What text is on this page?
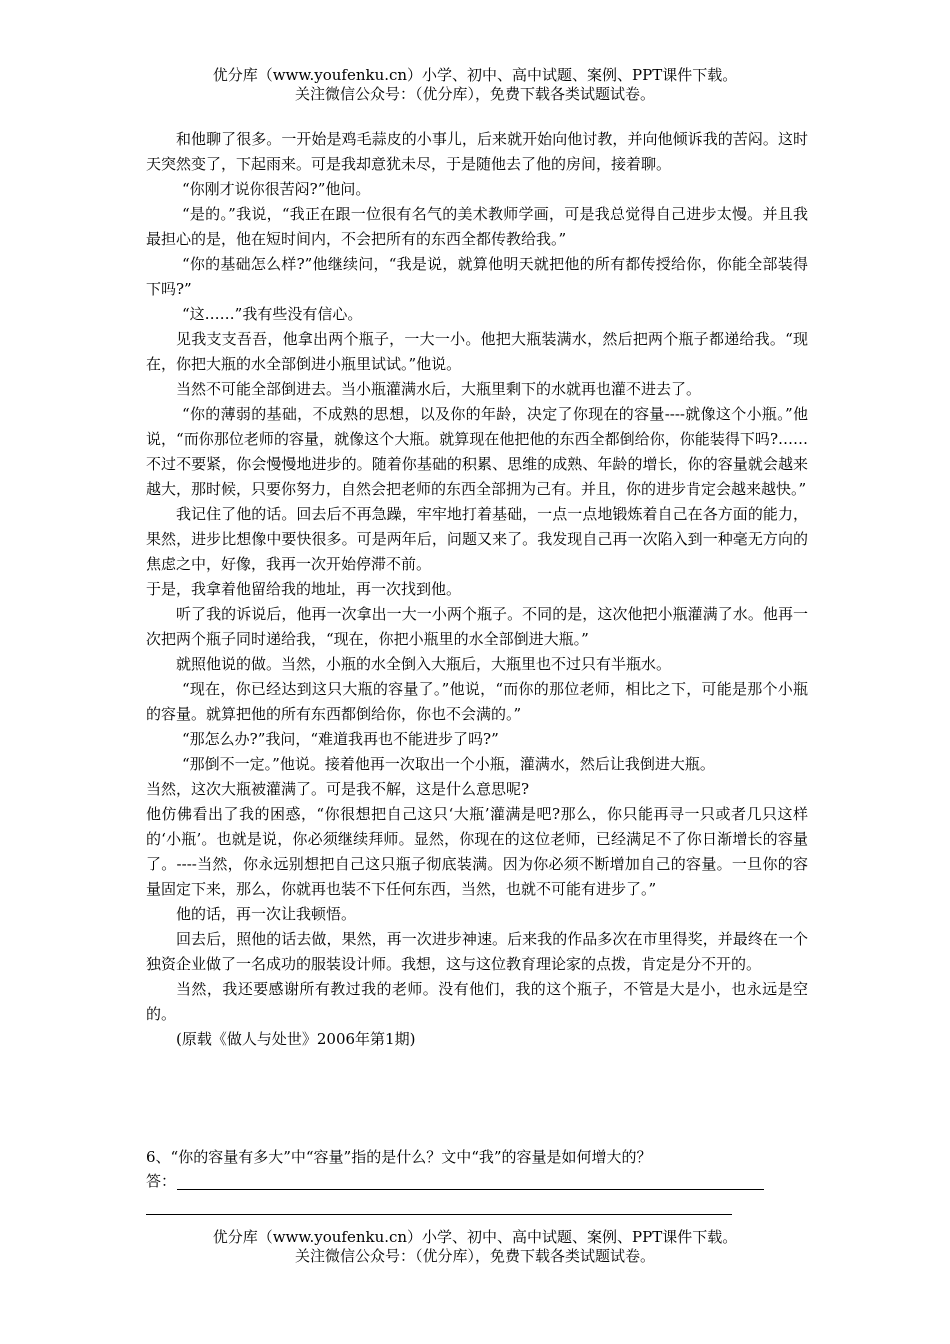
优分库（www.youfenku.cn）小学、初中、高中试题、案例、PPT课件下载。
关注微信公众号：（优分库），免费下载各类试题试卷。

和他聊了很多。一开始是鸡毛蒜皮的小事儿，后来就开始向他讨教，并向他倾诉我的苦闷。这时天突然变了，下起雨来。可是我却意犹未尽，于是随他去了他的房间，接着聊。

“你刚才说你很苦闷?”他问。

“是的。”我说，“我正在跟一位很有名气的美术教师学画，可是我总觉得自己进步太慢。并且我最担心的是，他在短时间内，不会把所有的东西全都传教给我。”

“你的基础怎么样?”他继续问，“我是说，就算他明天就把他的所有都传授给你，你能全部装得下吗?”

“这……”我有些没有信心。

见我支支吾吾，他拿出两个瓶子，一大一小。他把大瓶装满水，然后把两个瓶子都递给我。“现在，你把大瓶的水全部倒进小瓶里试试。”他说。

当然不可能全部倒进去。当小瓶灌满水后，大瓶里剩下的水就再也灌不进去了。

“你的薄弱的基础，不成熟的思想，以及你的年龄，决定了你现在的容量----就像这个小瓶。”他说，“而你那位老师的容量，就像这个大瓶。就算现在他把他的东西全都倒给你，你能装得下吗?……不过不要紧，你会慢慢地进步的。随着你基础的积累、思维的成熟、年龄的增长，你的容量就会越来越大，那时候，只要你努力，自然会把老师的东西全部拥为己有。并且，你的进步肯定会越来越快。”

我记住了他的话。回去后不再急躁，牢牢地打着基础，一点一点地锻炼着自己在各方面的能力，果然，进步比想像中要快很多。可是两年后，问题又来了。我发现自己再一次陷入到一种毫无方向的焦虑之中，好像，我再一次开始停滞不前。

于是，我拿着他留给我的地址，再一次找到他。

听了我的诉说后，他再一次拿出一大一小两个瓶子。不同的是，这次他把小瓶灌满了水。他再一次把两个瓶子同时递给我，“现在，你把小瓶里的水全部倒进大瓶。”

就照他说的做。当然，小瓶的水全倒入大瓶后，大瓶里也不过只有半瓶水。

“现在，你已经达到这只大瓶的容量了。”他说，“而你的那位老师，相比之下，可能是那个小瓶的容量。就算把他的所有东西都倒给你，你也不会满的。”

“那怎么办?”我问，“难道我再也不能进步了吗?”

“那倒不一定。”他说。接着他再一次取出一个小瓶，灌满水，然后让我倒进大瓶。

当然，这次大瓶被灌满了。可是我不解，这是什么意思呢?

他仿佛看出了我的困惑，“你很想把自己这只‘大瓶’灌满是吧?那么，你只能再寻一只或者几只这样的‘小瓶’。也就是说，你必须继续拜师。显然，你现在的这位老师，已经满足不了你日渐增长的容量了。----当然，你永远别想把自己这只瓶子彻底装满。因为你必须不断增加自己的容量。一旦你的容量固定下来，那么，你就再也装不下任何东西，当然，也就不可能有进步了。”

他的话，再一次让我顿悟。

回去后，照他的话去做，果然，再一次进步神速。后来我的作品多次在市里得奖，并最终在一个独资企业做了一名成功的服装设计师。我想，这与这位教育理论家的点拨，肯定是分不开的。

当然，我还要感谢所有教过我的老师。没有他们，我的这个瓶子，不管是大是小，也永远是空的。

(原载《做人与处世》2006年第1期)

6、“你的容量有多大”中“容量”指的是什么？文中“我”的容量是如何增大的？
答：
优分库（www.youfenku.cn）小学、初中、高中试题、案例、PPT课件下载。
关注微信公众号：（优分库），免费下载各类试题试卷。
